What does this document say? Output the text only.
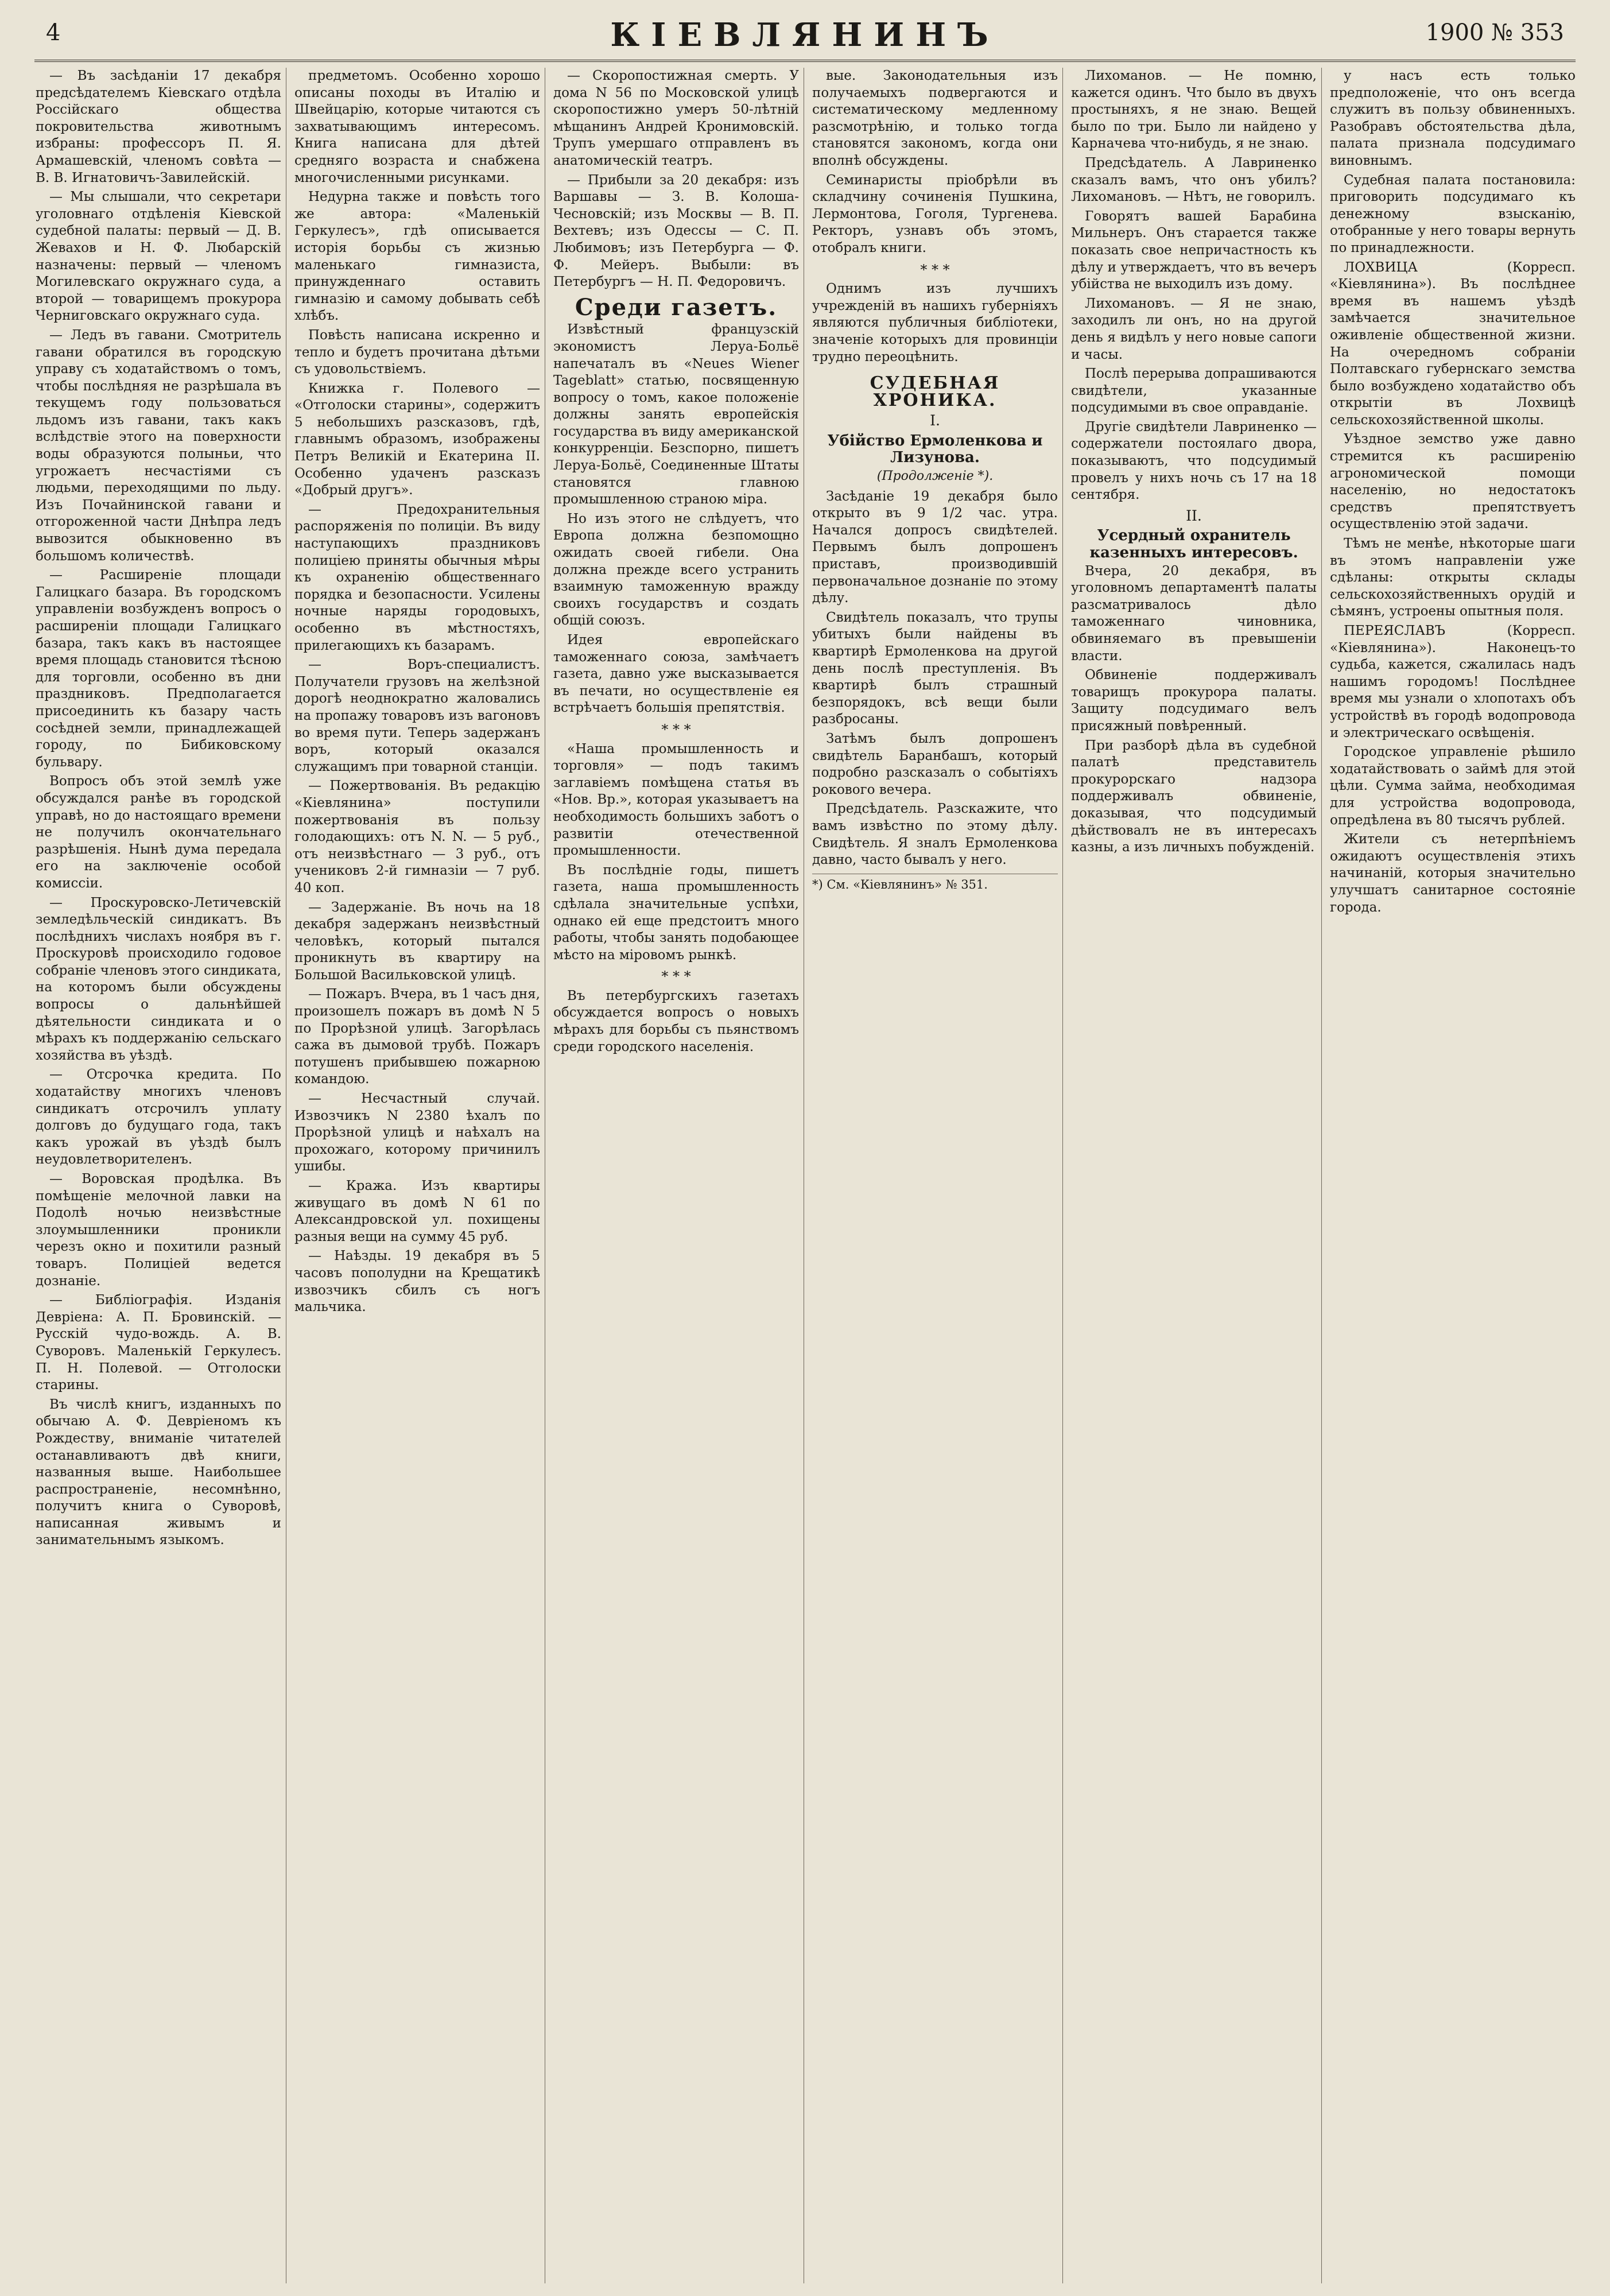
4	КІЕВЛЯНИНЪ	1900 № 353

— Въ засѣданіи 17 декабря предсѣдателемъ Кіевскаго отдѣла Россійскаго общества покровительства животнымъ избраны: профессоръ П. Я. Армашевскій, членомъ совѣта — В. В. Игнатовичъ-Завилейскій.

— Мы слышали, что секретари уголовнаго отдѣленія Кіевской судебной палаты: первый — Д. В. Жевахов и Н. Ф. Любарскій назначены: первый — членомъ Могилевскаго окружнаго суда, а второй — товарищемъ прокурора Черниговскаго окружнаго суда.

— Ледъ въ гавани. Смотритель гавани обратился въ городскую управу съ ходатайствомъ о томъ, чтобы послѣдняя не разрѣшала въ текущемъ году пользоваться льдомъ изъ гавани, такъ какъ вслѣдствіе этого на поверхности воды образуются полыньи, что угрожаетъ несчастіями съ людьми, переходящими по льду. Изъ Почайнинской гавани и отгороженной части Днѣпра ледъ вывозится обыкновенно въ большомъ количествѣ.

— Расширеніе площади Галицкаго базара. Въ городскомъ управленіи возбужденъ вопросъ о расширеніи площади Галицкаго базара, такъ какъ въ настоящее время площадь становится тѣсною для торговли, особенно въ дни праздниковъ. Предполагается присоединить къ базару часть сосѣдней земли, принадлежащей городу, по Бибиковскому бульвару.

Вопросъ объ этой землѣ уже обсуждался ранѣе въ городской управѣ, но до настоящаго времени не получилъ окончательнаго разрѣшенія. Нынѣ дума передала его на заключеніе особой комиссіи.

— Проскуровско-Летичевскій земледѣльческій синдикатъ. Въ послѣднихъ числахъ ноября въ г. Проскуровѣ происходило годовое собраніе членовъ этого синдиката, на которомъ были обсуждены вопросы о дальнѣйшей дѣятельности синдиката и о мѣрахъ къ поддержанію сельскаго хозяйства въ уѣздѣ.

— Отсрочка кредита. По ходатайству многихъ членовъ синдикатъ отсрочилъ уплату долговъ до будущаго года, такъ какъ урожай въ уѣздѣ былъ неудовлетворителенъ.

— Воровская продѣлка. Въ помѣщеніе мелочной лавки на Подолѣ ночью неизвѣстные злоумышленники проникли черезъ окно и похитили разный товаръ. Полиціей ведется дознаніе.

— Библіографія. Изданія Девріена: А. П. Бровинскій. — Русскій чудо-вождь. А. В. Суворовъ. Маленькій Геркулесъ. П. Н. Полевой. — Отголоски старины.

Въ числѣ книгъ, изданныхъ по обычаю А. Ф. Девріеномъ къ Рождеству, вниманіе читателей останавливаютъ двѣ книги, названныя выше. Наибольшее распространеніе, несомнѣнно, получитъ книга о Суворовѣ, написанная живымъ и занимательнымъ языкомъ.

предметомъ. Особенно хорошо описаны походы въ Италію и Швейцарію, которые читаются съ захватывающимъ интересомъ. Книга написана для дѣтей средняго возраста и снабжена многочисленными рисунками.

Недурна также и повѣсть того же автора: «Маленькій Геркулесъ», гдѣ описывается исторія борьбы съ жизнью маленькаго гимназиста, принужденнаго оставить гимназію и самому добывать себѣ хлѣбъ.

Повѣсть написана искренно и тепло и будетъ прочитана дѣтьми съ удовольствіемъ.

Книжка г. Полевого — «Отголоски старины», содержитъ 5 небольшихъ разсказовъ, гдѣ, главнымъ образомъ, изображены Петръ Великій и Екатерина II. Особенно удаченъ разсказъ «Добрый другъ».

— Предохранительныя распоряженія по полиціи. Въ виду наступающихъ праздниковъ полиціею приняты обычныя мѣры къ охраненію общественнаго порядка и безопасности. Усилены ночные наряды городовыхъ, особенно въ мѣстностяхъ, прилегающихъ къ базарамъ.

— Воръ-специалистъ. Получатели грузовъ на желѣзной дорогѣ неоднократно жаловались на пропажу товаровъ изъ вагоновъ во время пути. Теперь задержанъ воръ, который оказался служащимъ при товарной станціи.

— Пожертвованія. Въ редакцію «Кіевлянина» поступили пожертвованія въ пользу голодающихъ: отъ N. N. — 5 руб., отъ неизвѣстнаго — 3 руб., отъ учениковъ 2-й гимназіи — 7 руб. 40 коп.

— Задержаніе. Въ ночь на 18 декабря задержанъ неизвѣстный человѣкъ, который пытался проникнуть въ квартиру на Большой Васильковской улицѣ.

— Пожаръ. Вчера, въ 1 часъ дня, произошелъ пожаръ въ домѣ N 5 по Прорѣзной улицѣ. Загорѣлась сажа въ дымовой трубѣ. Пожаръ потушенъ прибывшею пожарною командою.

— Несчастный случай. Извозчикъ N 2380 ѣхалъ по Прорѣзной улицѣ и наѣхалъ на прохожаго, которому причинилъ ушибы.

— Кража. Изъ квартиры живущаго въ домѣ N 61 по Александровской ул. похищены разныя вещи на сумму 45 руб.

— Наѣзды. 19 декабря въ 5 часовъ пополудни на Крещатикѣ извозчикъ сбилъ съ ногъ мальчика.

— Скоропостижная смерть. У дома N 56 по Московской улицѣ скоропостижно умеръ 50-лѣтній мѣщанинъ Андрей Кронимовскій. Трупъ умершаго отправленъ въ анатомическій театръ.

— Прибыли за 20 декабря: изъ Варшавы — З. В. Колоша-Чесновскій; изъ Москвы — В. П. Вехтевъ; изъ Одессы — С. П. Любимовъ; изъ Петербурга — Ф. Ф. Мейеръ. Выбыли: въ Петербургъ — Н. П. Федоровичъ.

Среди газетъ.

Извѣстный французскій экономистъ Леруа-Больё напечаталъ въ «Neues Wiener Tageblatt» статью, посвященную вопросу о томъ, какое положеніе должны занять европейскія государства въ виду американской конкурренціи. Безспорно, пишетъ Леруа-Больё, Соединенные Штаты становятся главною промышленною страною міра.

Но изъ этого не слѣдуетъ, что Европа должна безпомощно ожидать своей гибели. Она должна прежде всего устранить взаимную таможенную вражду своихъ государствъ и создать общій союзъ.

Идея европейскаго таможеннаго союза, замѣчаетъ газета, давно уже высказывается въ печати, но осуществленіе ея встрѣчаетъ большія препятствія.

* * *

«Наша промышленность и торговля» — подъ такимъ заглавіемъ помѣщена статья въ «Нов. Вр.», которая указываетъ на необходимость большихъ заботъ о развитіи отечественной промышленности.

Въ послѣдніе годы, пишетъ газета, наша промышленность сдѣлала значительные успѣхи, однако ей еще предстоитъ много работы, чтобы занять подобающее мѣсто на міровомъ рынкѣ.

* * *

Въ петербургскихъ газетахъ обсуждается вопросъ о новыхъ мѣрахъ для борьбы съ пьянствомъ среди городского населенія.

вые. Законодательныя изъ получаемыхъ подвергаются и систематическому медленному разсмотрѣнію, и только тогда становятся закономъ, когда они вполнѣ обсуждены.

Семинаристы пріобрѣли въ складчину сочиненія Пушкина, Лермонтова, Гоголя, Тургенева. Ректоръ, узнавъ объ этомъ, отобралъ книги.

* * *

Однимъ изъ лучшихъ учрежденій въ нашихъ губерніяхъ являются публичныя библіотеки, значеніе которыхъ для провинціи трудно переоцѣнить.

СУДЕБНАЯ ХРОНИКА.
I.
Убійство Ермоленкова и Лизунова.
(Продолженіе *).

Засѣданіе 19 декабря было открыто въ 9 1/2 час. утра. Начался допросъ свидѣтелей. Первымъ былъ допрошенъ приставъ, производившій первоначальное дознаніе по этому дѣлу.

Свидѣтель показалъ, что трупы убитыхъ были найдены въ квартирѣ Ермоленкова на другой день послѣ преступленія. Въ квартирѣ былъ страшный безпорядокъ, всѣ вещи были разбросаны.

Затѣмъ былъ допрошенъ свидѣтель Баранбашъ, который подробно разсказалъ о событіяхъ рокового вечера.

Предсѣдатель. Разскажите, что вамъ извѣстно по этому дѣлу. Свидѣтель. Я зналъ Ермоленкова давно, часто бывалъ у него.

*) См. «Кіевлянинъ» № 351.

Лихоманов. — Не помню, кажется одинъ. Что было въ двухъ простыняхъ, я не знаю. Вещей было по три. Было ли найдено у Карначева что-нибудь, я не знаю.

Предсѣдатель. А Лавриненко сказалъ вамъ, что онъ убилъ? Лихомановъ. — Нѣтъ, не говорилъ.

Говорятъ вашей Барабина Мильнеръ. Онъ старается также показать свое непричастность къ дѣлу и утверждаетъ, что въ вечеръ убійства не выходилъ изъ дому.

Лихомановъ. — Я не знаю, заходилъ ли онъ, но на другой день я видѣлъ у него новые сапоги и часы.

Послѣ перерыва допрашиваются свидѣтели, указанные подсудимыми въ свое оправданіе.

Другіе свидѣтели Лавриненко — содержатели постоялаго двора, показываютъ, что подсудимый провелъ у нихъ ночь съ 17 на 18 сентября.

II.
Усердный охранитель казенныхъ интересовъ.

Вчера, 20 декабря, въ уголовномъ департаментѣ палаты разсматривалось дѣло таможеннаго чиновника, обвиняемаго въ превышеніи власти.

Обвиненіе поддерживалъ товарищъ прокурора палаты. Защиту подсудимаго велъ присяжный повѣренный.

При разборѣ дѣла въ судебной палатѣ представитель прокурорскаго надзора поддерживалъ обвиненіе, доказывая, что подсудимый дѣйствовалъ не въ интересахъ казны, а изъ личныхъ побужденій.

у насъ есть только предположеніе, что онъ всегда служитъ въ пользу обвиненныхъ. Разобравъ обстоятельства дѣла, палата признала подсудимаго виновнымъ.

Судебная палата постановила: приговорить подсудимаго къ денежному взысканію, отобранные у него товары вернуть по принадлежности.

ЛОХВИЦА (Корресп. «Кіевлянина»). Въ послѣднее время въ нашемъ уѣздѣ замѣчается значительное оживленіе общественной жизни. На очередномъ собраніи Полтавскаго губернскаго земства было возбуждено ходатайство объ открытіи въ Лохвицѣ сельскохозяйственной школы.

Уѣздное земство уже давно стремится къ расширенію агрономической помощи населенію, но недостатокъ средствъ препятствуетъ осуществленію этой задачи.

Тѣмъ не менѣе, нѣкоторые шаги въ этомъ направленіи уже сдѣланы: открыты склады сельскохозяйственныхъ орудій и сѣмянъ, устроены опытныя поля.

ПЕРЕЯСЛАВЪ (Корресп. «Кіевлянина»). Наконецъ-то судьба, кажется, сжалилась надъ нашимъ городомъ! Послѣднее время мы узнали о хлопотахъ объ устройствѣ въ городѣ водопровода и электрическаго освѣщенія.

Городское управленіе рѣшило ходатайствовать о займѣ для этой цѣли. Сумма займа, необходимая для устройства водопровода, опредѣлена въ 80 тысячъ рублей.

Жители съ нетерпѣніемъ ожидаютъ осуществленія этихъ начинаній, которыя значительно улучшатъ санитарное состояніе города.
